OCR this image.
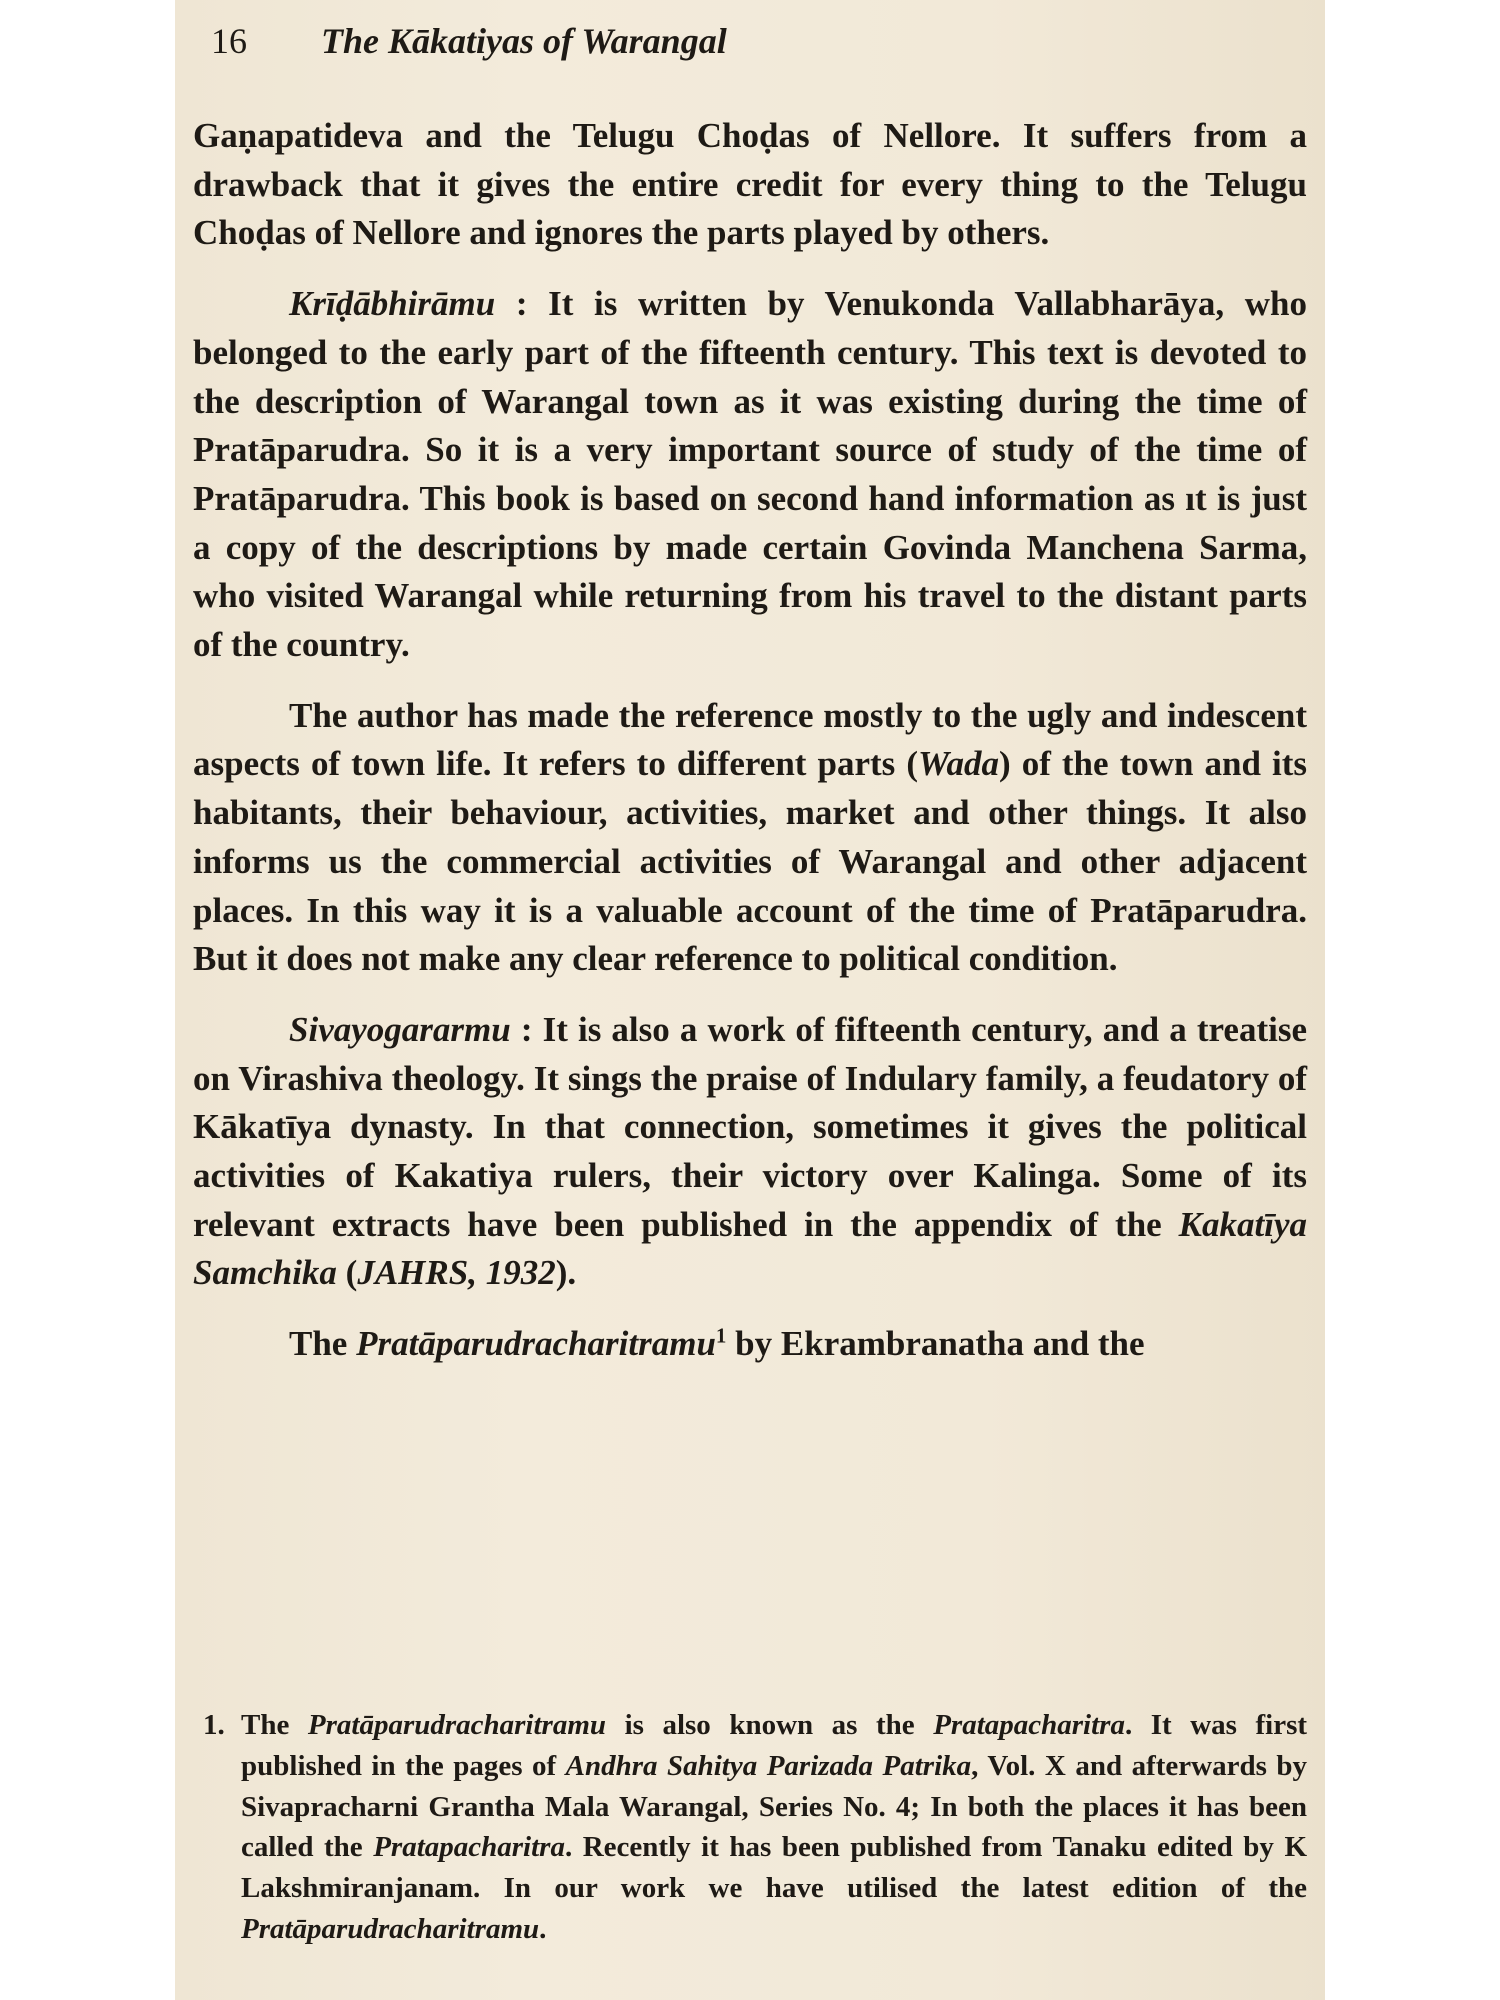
16 The Kākatiyas of Warangal

Gaṇapatideva and the Telugu Choḍas of Nellore. It suffers from a drawback that it gives the entire credit for every thing to the Telugu Choḍas of Nellore and ignores the parts played by others.

Krīḍābhirāmu : It is written by Venukonda Vallabharāya, who belonged to the early part of the fifteenth century. This text is devoted to the description of Warangal town as it was existing during the time of Pratāparudra. So it is a very important source of study of the time of Pratāparudra. This book is based on second hand information as ıt is just a copy of the descriptions by made certain Govinda Manchena Sarma, who visited Warangal while returning from his travel to the distant parts of the country.

The author has made the reference mostly to the ugly and indescent aspects of town life. It refers to different parts (Wada) of the town and its habitants, their behaviour, activities, market and other things. It also informs us the commercial activities of Warangal and other adjacent places. In this way it is a valuable account of the time of Pratāparudra. But it does not make any clear reference to political condition.

Sivayogararmu : It is also a work of fifteenth century, and a treatise on Virashiva theology. It sings the praise of Indulary family, a feudatory of Kākatīya dynasty. In that connection, sometimes it gives the political activities of Kakatiya rulers, their victory over Kalinga. Some of its relevant extracts have been published in the appendix of the Kakatīya Samchika (JAHRS, 1932).

The Pratāparudracharitramu$^1$ by Ekrambranatha and the

1. The Pratāparudracharitramu is also known as the Pratapacharitra. It was first published in the pages of Andhra Sahitya Parizada Patrika, Vol. X and afterwards by Sivapracharni Grantha Mala Warangal, Series No. 4; In both the places it has been called the Pratapacharitra. Recently it has been published from Tanaku edited by K Lakshmiranjanam. In our work we have utilised the latest edition of the Pratāparudracharitramu.
